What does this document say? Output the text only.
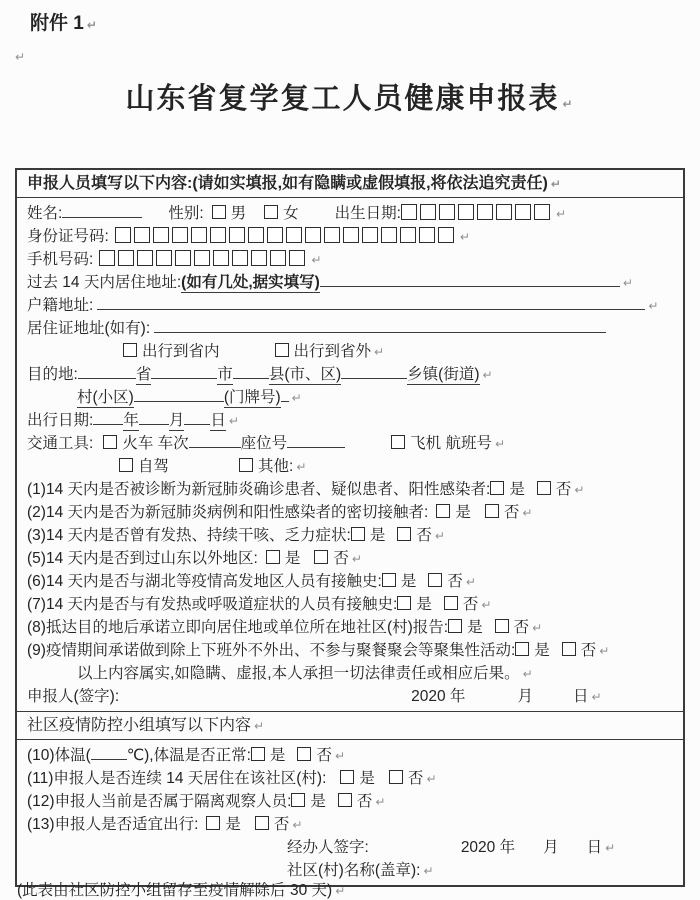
附件 1 ↵
↵
山东省复学复工人员健康申报表 ↵
申报人员填写以下内容:(请如实填报,如有隐瞒或虚假填报,将依法追究责任) ↵
姓名:	性别: 男 女 出生日期:	↵
身份证号码:	↵
手机号码:	↵
过去 14 天内居住地址:(如有几处,据实填写)	↵
户籍地址:	↵
居住证地址(如有):
出行到省内	出行到省外 ↵
目的地:	省	市 县(市、区)	乡镇(街道) ↵
村(小区)	(门牌号) ↵
出行日期: 年 月 日 ↵
交通工具: 火车 车次	座位号	飞机 航班号 ↵
自驾	其他: ↵
(1)14 天内是否被诊断为新冠肺炎确诊患者、疑似患者、阳性感染者: 是 否 ↵
(2)14 天内是否为新冠肺炎病例和阳性感染者的密切接触者: 是 否 ↵
(3)14 天内是否曾有发热、持续干咳、乏力症状: 是 否 ↵
(5)14 天内是否到过山东以外地区: 是 否 ↵
(6)14 天内是否与湖北等疫情高发地区人员有接触史: 是 否 ↵
(7)14 天内是否与有发热或呼吸道症状的人员有接触史: 是 否 ↵
(8)抵达目的地后承诺立即向居住地或单位所在地社区(村)报告: 是 否 ↵
(9)疫情期间承诺做到除上下班外不外出、不参与聚餐聚会等聚集性活动: 是 否 ↵
以上内容属实,如隐瞒、虚报,本人承担一切法律责任或相应后果。 ↵
申报人(签字):	2020 年	月	日 ↵
社区疫情防控小组填写以下内容 ↵
(10)体温( ℃),体温是否正常: 是 否 ↵
(11)申报人是否连续 14 天居住在该社区(村): 是 否 ↵
(12)申报人当前是否属于隔离观察人员: 是 否 ↵
(13)申报人是否适宜出行: 是 否 ↵
经办人签字:	2020 年 月 日 ↵
社区(村)名称(盖章): ↵
(此表由社区防控小组留存至疫情解除后 30 天) ↵
